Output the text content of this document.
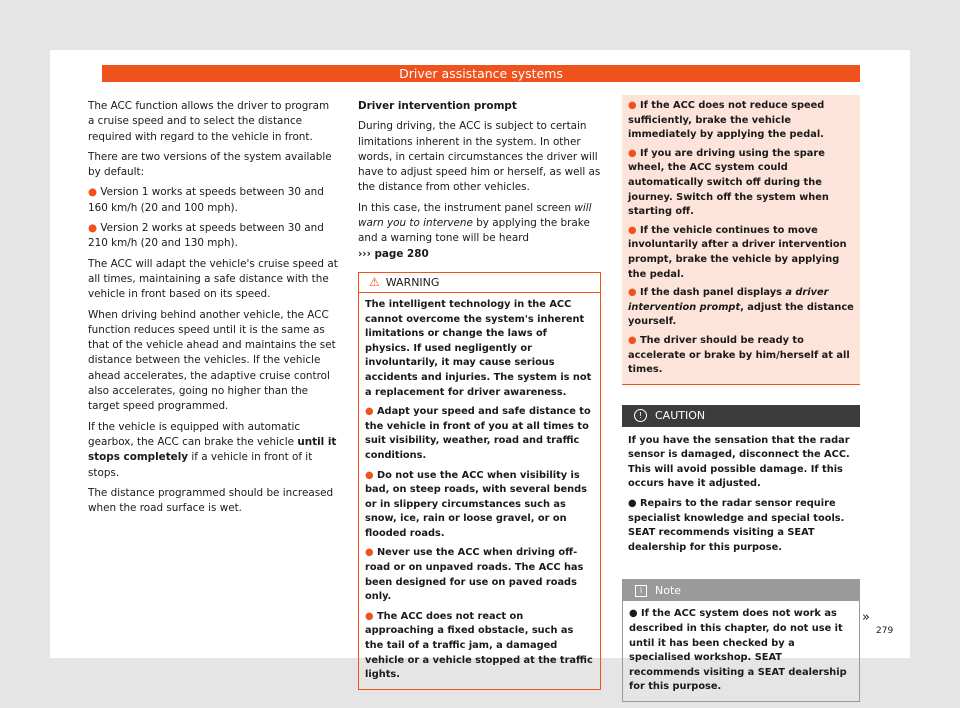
Driver assistance systems

The ACC function allows the driver to program a cruise speed and to select the distance required with regard to the vehicle in front.

There are two versions of the system available by default:

● Version 1 works at speeds between 30 and 160 km/h (20 and 100 mph).

● Version 2 works at speeds between 30 and 210 km/h (20 and 130 mph).

The ACC will adapt the vehicle's cruise speed at all times, maintaining a safe distance with the vehicle in front based on its speed.

When driving behind another vehicle, the ACC function reduces speed until it is the same as that of the vehicle ahead and maintains the set distance between the vehicles. If the vehicle ahead accelerates, the adaptive cruise control also accelerates, going no higher than the target speed programmed.

If the vehicle is equipped with automatic gearbox, the ACC can brake the vehicle until it stops completely if a vehicle in front of it stops.

The distance programmed should be increased when the road surface is wet.

Driver intervention prompt

During driving, the ACC is subject to certain limitations inherent in the system. In other words, in certain circumstances the driver will have to adjust speed him or herself, as well as the distance from other vehicles.

In this case, the instrument panel screen will warn you to intervene by applying the brake and a warning tone will be heard
››› page 280

⚠ WARNING

The intelligent technology in the ACC cannot overcome the system's inherent limitations or change the laws of physics. If used negligently or involuntarily, it may cause serious accidents and injuries. The system is not a replacement for driver awareness.

● Adapt your speed and safe distance to the vehicle in front of you at all times to suit visibility, weather, road and traffic conditions.

● Do not use the ACC when visibility is bad, on steep roads, with several bends or in slippery circumstances such as snow, ice, rain or loose gravel, or on flooded roads.

● Never use the ACC when driving off-road or on unpaved roads. The ACC has been designed for use on paved roads only.

● The ACC does not react on approaching a fixed obstacle, such as the tail of a traffic jam, a damaged vehicle or a vehicle stopped at the traffic lights.

● If the ACC does not reduce speed sufficiently, brake the vehicle immediately by applying the pedal.

● If you are driving using the spare wheel, the ACC system could automatically switch off during the journey. Switch off the system when starting off.

● If the vehicle continues to move involuntarily after a driver intervention prompt, brake the vehicle by applying the pedal.

● If the dash panel displays a driver intervention prompt, adjust the distance yourself.

● The driver should be ready to accelerate or brake by him/herself at all times.

!	CAUTION

If you have the sensation that the radar sensor is damaged, disconnect the ACC. This will avoid possible damage. If this occurs have it adjusted.

● Repairs to the radar sensor require specialist knowledge and special tools. SEAT recommends visiting a SEAT dealership for this purpose.

i	Note

● If the ACC system does not work as described in this chapter, do not use it until it has been checked by a specialised workshop. SEAT recommends visiting a SEAT dealership for this purpose.

»
279
